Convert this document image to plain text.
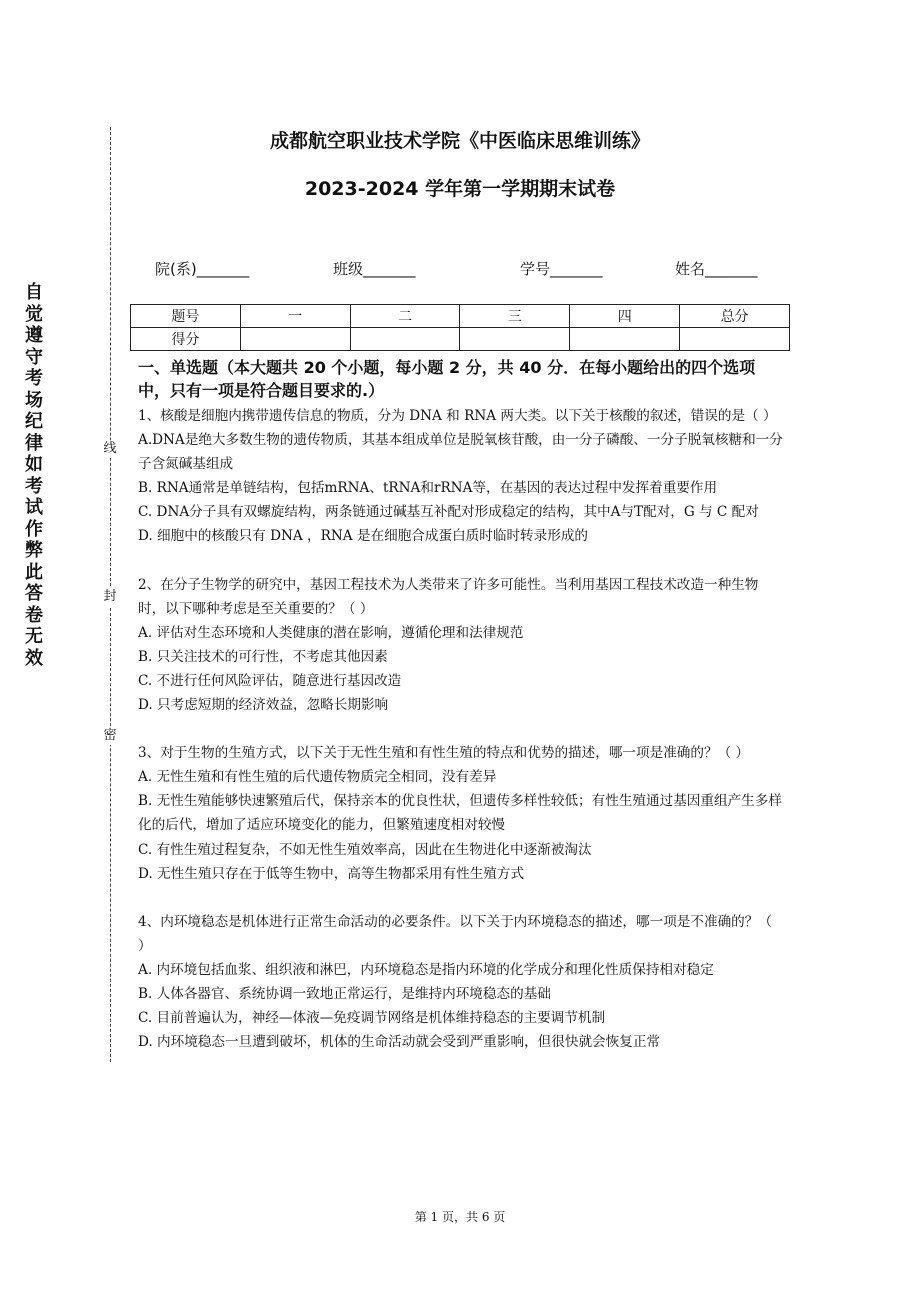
自觉遵守考场纪律如考试作弊此答卷无效
线
封
密
成都航空职业技术学院《中医临床思维训练》
2023-2024 学年第一学期期末试卷
院(系)_______	班级_______	学号_______	姓名_______
题号	一	二	三	四	总分
得分					

一、单选题（本大题共 20 个小题，每小题 2 分，共 40 分．在每小题给出的四个选项中，只有一项是符合题目要求的.）

1、核酸是细胞内携带遗传信息的物质，分为 DNA 和 RNA 两大类。以下关于核酸的叙述，错误的是（ ）

A.DNA是绝大多数生物的遗传物质，其基本组成单位是脱氧核苷酸，由一分子磷酸、一分子脱氧核糖和一分子含氮碱基组成

B. RNA通常是单链结构，包括mRNA、tRNA和rRNA等，在基因的表达过程中发挥着重要作用

C. DNA分子具有双螺旋结构，两条链通过碱基互补配对形成稳定的结构，其中A与T配对，G 与 C 配对

D. 细胞中的核酸只有 DNA ，RNA 是在细胞合成蛋白质时临时转录形成的

2、在分子生物学的研究中，基因工程技术为人类带来了许多可能性。当利用基因工程技术改造一种生物时，以下哪种考虑是至关重要的？（ ）

A. 评估对生态环境和人类健康的潜在影响，遵循伦理和法律规范

B. 只关注技术的可行性，不考虑其他因素

C. 不进行任何风险评估，随意进行基因改造

D. 只考虑短期的经济效益，忽略长期影响

3、对于生物的生殖方式，以下关于无性生殖和有性生殖的特点和优势的描述，哪一项是准确的？（ ）

A. 无性生殖和有性生殖的后代遗传物质完全相同，没有差异

B. 无性生殖能够快速繁殖后代，保持亲本的优良性状，但遗传多样性较低；有性生殖通过基因重组产生多样化的后代，增加了适应环境变化的能力，但繁殖速度相对较慢

C. 有性生殖过程复杂，不如无性生殖效率高，因此在生物进化中逐渐被淘汰

D. 无性生殖只存在于低等生物中，高等生物都采用有性生殖方式

4、内环境稳态是机体进行正常生命活动的必要条件。以下关于内环境稳态的描述，哪一项是不准确的？（ ）

A. 内环境包括血浆、组织液和淋巴，内环境稳态是指内环境的化学成分和理化性质保持相对稳定

B. 人体各器官、系统协调一致地正常运行，是维持内环境稳态的基础

C. 目前普遍认为，神经—体液—免疫调节网络是机体维持稳态的主要调节机制

D. 内环境稳态一旦遭到破坏，机体的生命活动就会受到严重影响，但很快就会恢复正常

第 1 页，共 6 页
